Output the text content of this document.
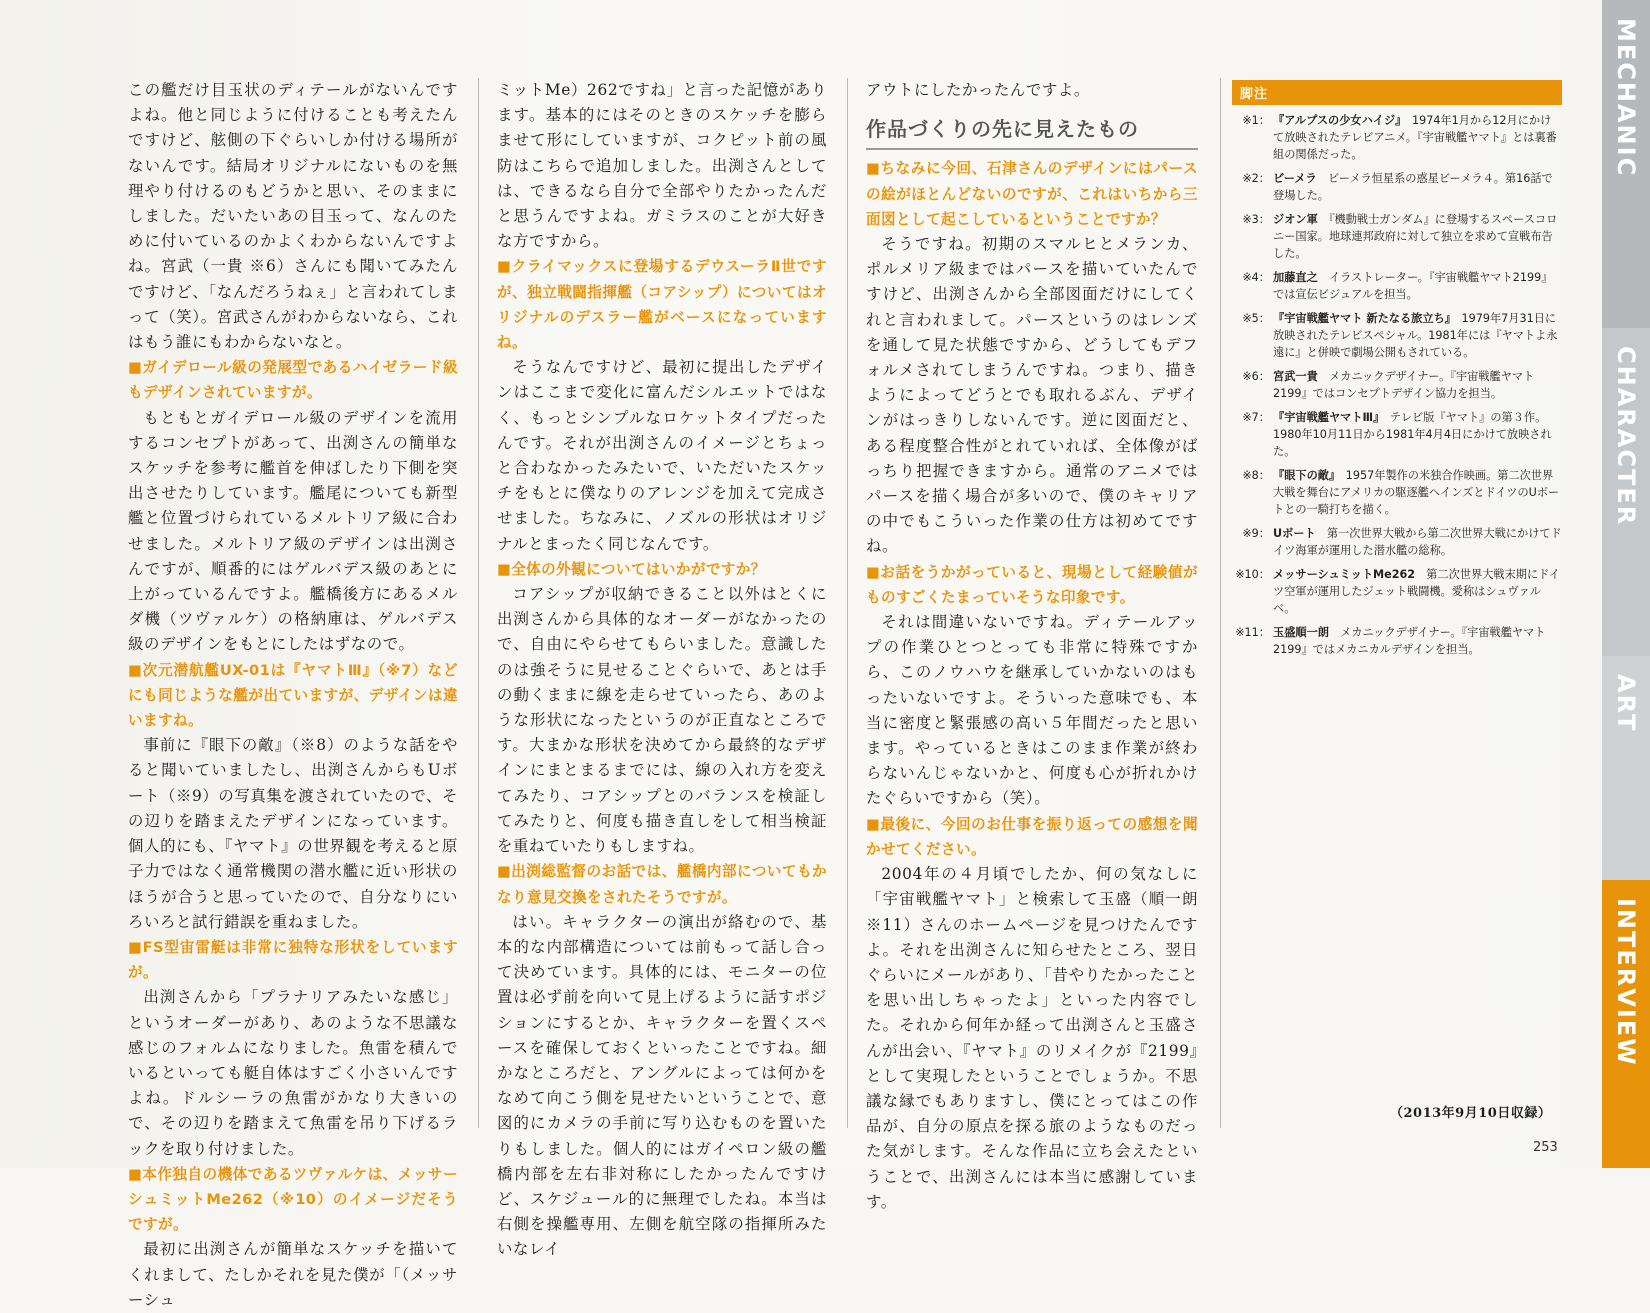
この艦だけ目玉状のディテールがないんですよね。他と同じように付けることも考えたんですけど、舷側の下ぐらいしか付ける場所がないんです。結局オリジナルにないものを無理やり付けるのもどうかと思い、そのままにしました。だいたいあの目玉って、なんのために付いているのかよくわからないんですよね。宮武（一貴 ※6）さんにも聞いてみたんですけど、「なんだろうねぇ」と言われてしまって（笑）。宮武さんがわからないなら、これはもう誰にもわからないなと。

■ガイデロール級の発展型であるハイゼラード級もデザインされていますが。

もともとガイデロール級のデザインを流用するコンセプトがあって、出渕さんの簡単なスケッチを参考に艦首を伸ばしたり下側を突出させたりしています。艦尾についても新型艦と位置づけられているメルトリア級に合わせました。メルトリア級のデザインは出渕さんですが、順番的にはゲルバデス級のあとに上がっているんですよ。艦橋後方にあるメルダ機（ツヴァルケ）の格納庫は、ゲルバデス級のデザインをもとにしたはずなので。

■次元潜航艦UX-01は『ヤマトⅢ』（※7）などにも同じような艦が出ていますが、デザインは違いますね。

事前に『眼下の敵』（※8）のような話をやると聞いていましたし、出渕さんからもUボート（※9）の写真集を渡されていたので、その辺りを踏まえたデザインになっています。個人的にも、『ヤマト』の世界観を考えると原子力ではなく通常機関の潜水艦に近い形状のほうが合うと思っていたので、自分なりにいろいろと試行錯誤を重ねました。

■FS型宙雷艇は非常に独特な形状をしていますが。

出渕さんから「プラナリアみたいな感じ」というオーダーがあり、あのような不思議な感じのフォルムになりました。魚雷を積んでいるといっても艇自体はすごく小さいんですよね。ドルシーラの魚雷がかなり大きいので、その辺りを踏まえて魚雷を吊り下げるラックを取り付けました。

■本作独自の機体であるツヴァルケは、メッサーシュミットMe262（※10）のイメージだそうですが。

最初に出渕さんが簡単なスケッチを描いてくれまして、たしかそれを見た僕が「（メッサーシュ

ミットMe）262ですね」と言った記憶があります。基本的にはそのときのスケッチを膨らませて形にしていますが、コクピット前の風防はこちらで追加しました。出渕さんとしては、できるなら自分で全部やりたかったんだと思うんですよね。ガミラスのことが大好きな方ですから。

■クライマックスに登場するデウスーラⅡ世ですが、独立戦闘指揮艦（コアシップ）についてはオリジナルのデスラー艦がベースになっていますね。

そうなんですけど、最初に提出したデザインはここまで変化に富んだシルエットではなく、もっとシンプルなロケットタイプだったんです。それが出渕さんのイメージとちょっと合わなかったみたいで、いただいたスケッチをもとに僕なりのアレンジを加えて完成させました。ちなみに、ノズルの形状はオリジナルとまったく同じなんです。

■全体の外観についてはいかがですか？

コアシップが収納できること以外はとくに出渕さんから具体的なオーダーがなかったので、自由にやらせてもらいました。意識したのは強そうに見せることぐらいで、あとは手の動くままに線を走らせていったら、あのような形状になったというのが正直なところです。大まかな形状を決めてから最終的なデザインにまとまるまでには、線の入れ方を変えてみたり、コアシップとのバランスを検証してみたりと、何度も描き直しをして相当検証を重ねていたりもしますね。

■出渕総監督のお話では、艦橋内部についてもかなり意見交換をされたそうですが。

はい。キャラクターの演出が絡むので、基本的な内部構造については前もって話し合って決めています。具体的には、モニターの位置は必ず前を向いて見上げるように話すポジションにするとか、キャラクターを置くスペースを確保しておくといったことですね。細かなところだと、アングルによっては何かをなめて向こう側を見せたいということで、意図的にカメラの手前に写り込むものを置いたりもしました。個人的にはガイペロン級の艦橋内部を左右非対称にしたかったんですけど、スケジュール的に無理でしたね。本当は右側を操艦専用、左側を航空隊の指揮所みたいなレイ

アウトにしたかったんですよ。

作品づくりの先に見えたもの

■ちなみに今回、石津さんのデザインにはパースの絵がほとんどないのですが、これはいちから三面図として起こしているということですか？

そうですね。初期のスマルヒとメランカ、ポルメリア級まではパースを描いていたんですけど、出渕さんから全部図面だけにしてくれと言われまして。パースというのはレンズを通して見た状態ですから、どうしてもデフォルメされてしまうんですね。つまり、描きようによってどうとでも取れるぶん、デザインがはっきりしないんです。逆に図面だと、ある程度整合性がとれていれば、全体像がばっちり把握できますから。通常のアニメではパースを描く場合が多いので、僕のキャリアの中でもこういった作業の仕方は初めてですね。

■お話をうかがっていると、現場として経験値がものすごくたまっていそうな印象です。

それは間違いないですね。ディテールアップの作業ひとつとっても非常に特殊ですから、このノウハウを継承していかないのはもったいないですよ。そういった意味でも、本当に密度と緊張感の高い５年間だったと思います。やっているときはこのまま作業が終わらないんじゃないかと、何度も心が折れかけたぐらいですから（笑）。

■最後に、今回のお仕事を振り返っての感想を聞かせてください。

2004年の４月頃でしたか、何の気なしに「宇宙戦艦ヤマト」と検索して玉盛（順一朗 ※11）さんのホームページを見つけたんですよ。それを出渕さんに知らせたところ、翌日ぐらいにメールがあり、「昔やりたかったことを思い出しちゃったよ」といった内容でした。それから何年か経って出渕さんと玉盛さんが出会い、『ヤマト』のリメイクが『2199』として実現したということでしょうか。不思議な縁でもありますし、僕にとってはこの作品が、自分の原点を探る旅のようなものだった気がします。そんな作品に立ち会えたということで、出渕さんには本当に感謝しています。

脚注
※1： 『アルプスの少女ハイジ』　 1974年1月から12月にかけて放映されたテレビアニメ。『宇宙戦艦ヤマト』とは裏番組の関係だった。
※2： ビーメラ　 ビーメラ恒星系の惑星ビーメラ４。第16話で登場した。
※3： ジオン軍　 『機動戦士ガンダム』に登場するスペースコロニー国家。地球連邦政府に対して独立を求めて宣戦布告した。
※4： 加藤直之　 イラストレーター。『宇宙戦艦ヤマト2199』では宣伝ビジュアルを担当。
※5： 『宇宙戦艦ヤマト 新たなる旅立ち』　 1979年7月31日に放映されたテレビスペシャル。1981年には『ヤマトよ永遠に』と併映で劇場公開もされている。
※6： 宮武一貴　 メカニックデザイナー。『宇宙戦艦ヤマト2199』ではコンセプトデザイン協力を担当。
※7： 『宇宙戦艦ヤマトⅢ』　 テレビ版『ヤマト』の第３作。1980年10月11日から1981年4月4日にかけて放映された。
※8： 『眼下の敵』　 1957年製作の米独合作映画。第二次世界大戦を舞台にアメリカの駆逐艦ヘインズとドイツのUボートとの一騎打ちを描く。
※9： Uボート　 第一次世界大戦から第二次世界大戦にかけてドイツ海軍が運用した潜水艦の総称。
※10： メッサーシュミットMe262　 第二次世界大戦末期にドイツ空軍が運用したジェット戦闘機。愛称はシュヴァルベ。
※11： 玉盛順一朗　 メカニックデザイナー。『宇宙戦艦ヤマト2199』ではメカニカルデザインを担当。
MECHANIC
CHARACTER
ART
INTERVIEW
（2013年9月10日収録）
253
